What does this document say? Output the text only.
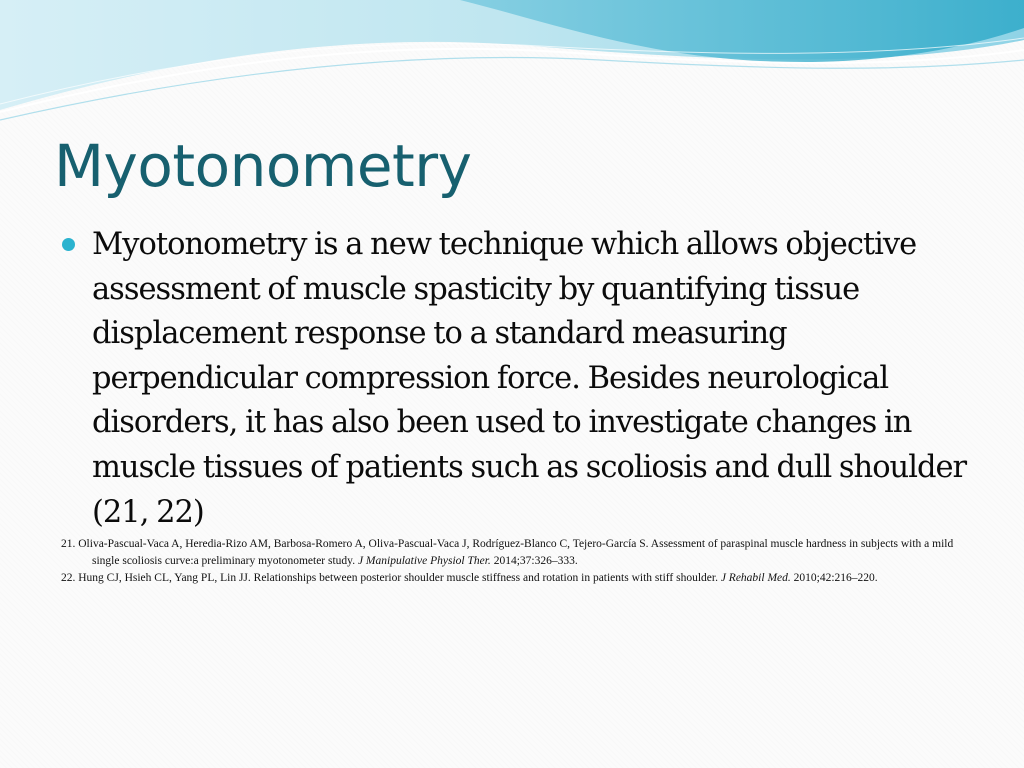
Myotonometry

Myotonometry is a new technique which allows objective assessment of muscle spasticity by quantifying tissue displacement response to a standard measuring perpendicular compression force. Besides neurological disorders, it has also been used to investigate changes in muscle tissues of patients such as scoliosis and dull shoulder (21, 22)

21. Oliva-Pascual-Vaca A, Heredia-Rizo AM, Barbosa-Romero A, Oliva-Pascual-Vaca J, Rodríguez-Blanco C, Tejero-García S. Assessment of paraspinal muscle hardness in subjects with a mild single scoliosis curve:a preliminary myotonometer study. J Manipulative Physiol Ther. 2014;37:326–333.

22. Hung CJ, Hsieh CL, Yang PL, Lin JJ. Relationships between posterior shoulder muscle stiffness and rotation in patients with stiff shoulder. J Rehabil Med. 2010;42:216–220.
